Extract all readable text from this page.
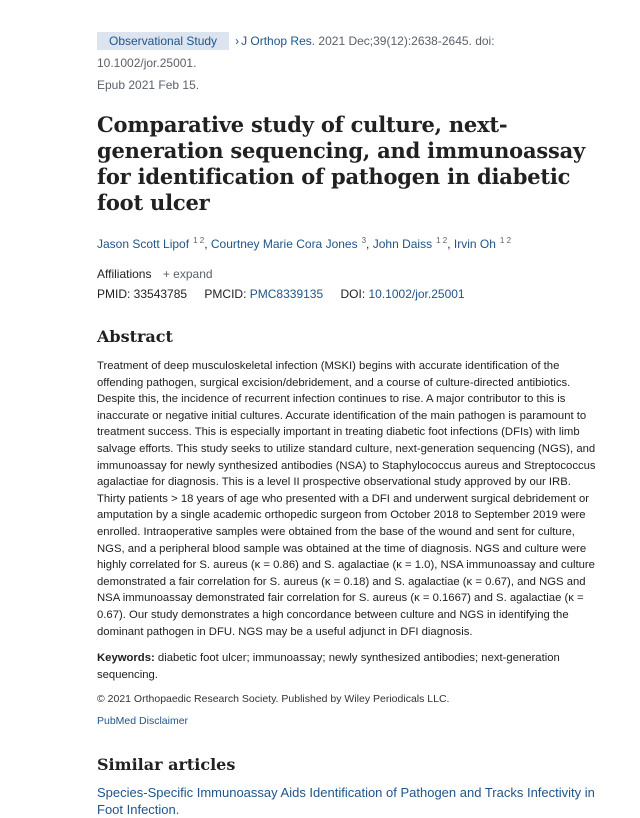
Observational Study › J Orthop Res. 2021 Dec;39(12):2638-2645. doi: 10.1002/jor.25001.
Epub 2021 Feb 15.
Comparative study of culture, next-generation sequencing, and immunoassay for identification of pathogen in diabetic foot ulcer
Jason Scott Lipof $^{1 2}$, Courtney Marie Cora Jones $^3$, John Daiss $^{1 2}$, Irvin Oh $^{1 2}$
Affiliations + expand
PMID: 33543785 PMCID: PMC8339135 DOI: 10.1002/jor.25001
Abstract

Treatment of deep musculoskeletal infection (MSKI) begins with accurate identification of the offending pathogen, surgical excision/debridement, and a course of culture-directed antibiotics. Despite this, the incidence of recurrent infection continues to rise. A major contributor to this is inaccurate or negative initial cultures. Accurate identification of the main pathogen is paramount to treatment success. This is especially important in treating diabetic foot infections (DFIs) with limb salvage efforts. This study seeks to utilize standard culture, next-generation sequencing (NGS), and immunoassay for newly synthesized antibodies (NSA) to Staphylococcus aureus and Streptococcus agalactiae for diagnosis. This is a level II prospective observational study approved by our IRB. Thirty patients > 18 years of age who presented with a DFI and underwent surgical debridement or amputation by a single academic orthopedic surgeon from October 2018 to September 2019 were enrolled. Intraoperative samples were obtained from the base of the wound and sent for culture, NGS, and a peripheral blood sample was obtained at the time of diagnosis. NGS and culture were highly correlated for S. aureus (κ = 0.86) and S. agalactiae (κ = 1.0), NSA immunoassay and culture demonstrated a fair correlation for S. aureus (κ = 0.18) and S. agalactiae (κ = 0.67), and NGS and NSA immunoassay demonstrated fair correlation for S. aureus (κ = 0.1667) and S. agalactiae (κ = 0.67). Our study demonstrates a high concordance between culture and NGS in identifying the dominant pathogen in DFU. NGS may be a useful adjunct in DFI diagnosis.

Keywords: diabetic foot ulcer; immunoassay; newly synthesized antibodies; next-generation sequencing.
© 2021 Orthopaedic Research Society. Published by Wiley Periodicals LLC.
PubMed Disclaimer
Similar articles
Species-Specific Immunoassay Aids Identification of Pathogen and Tracks Infectivity in Foot Infection.
